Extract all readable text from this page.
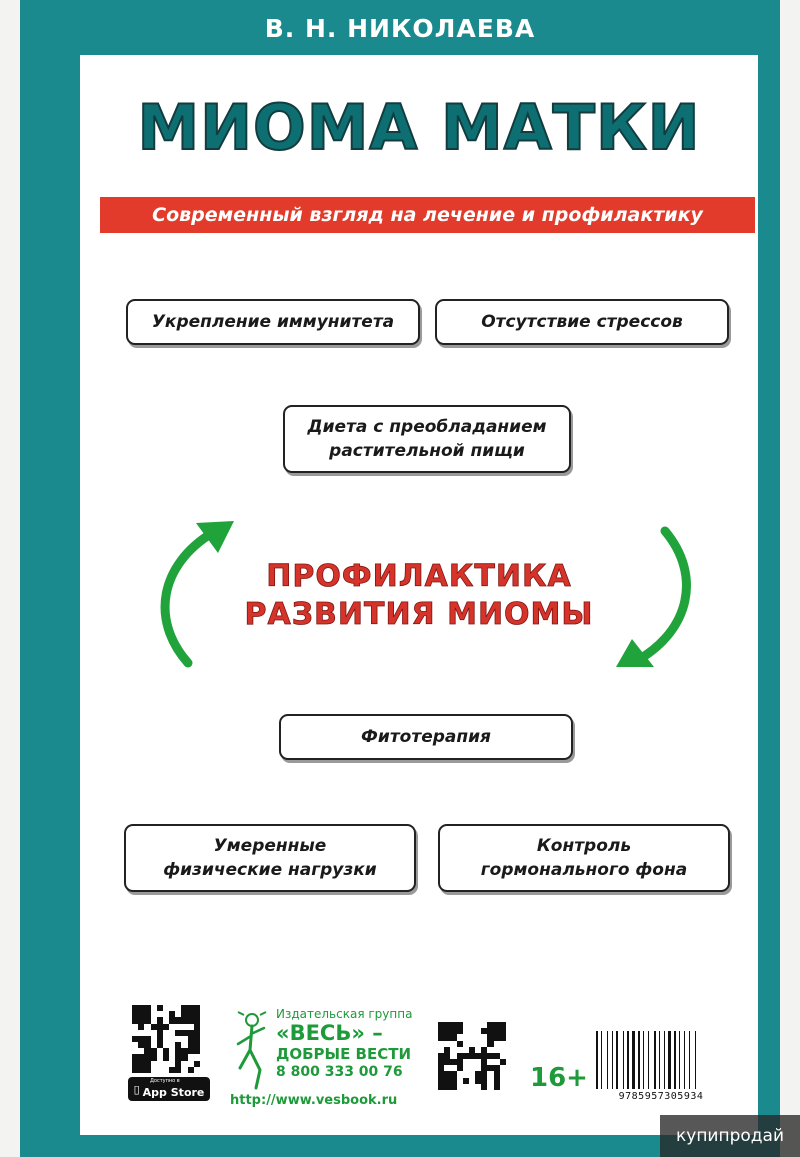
В. Н. НИКОЛАЕВА
МИОМА МАТКИ
Современный взгляд на лечение и профилактику
Укрепление иммунитета	Отсутствие стрессов
Диета с преобладанием
растительной пищи
ПРОФИЛАКТИКА
РАЗВИТИЯ МИОМЫ
Фитотерапия
Умеренные
физические нагрузки
Контроль
гормонального фона
Доступно в
▯ App Store
Издательская группа
«ВЕСЬ» –
ДОБРЫЕ ВЕСТИ
8 800 333 00 76
http://www.vesbook.ru
16+
9785957305934
купипродай
